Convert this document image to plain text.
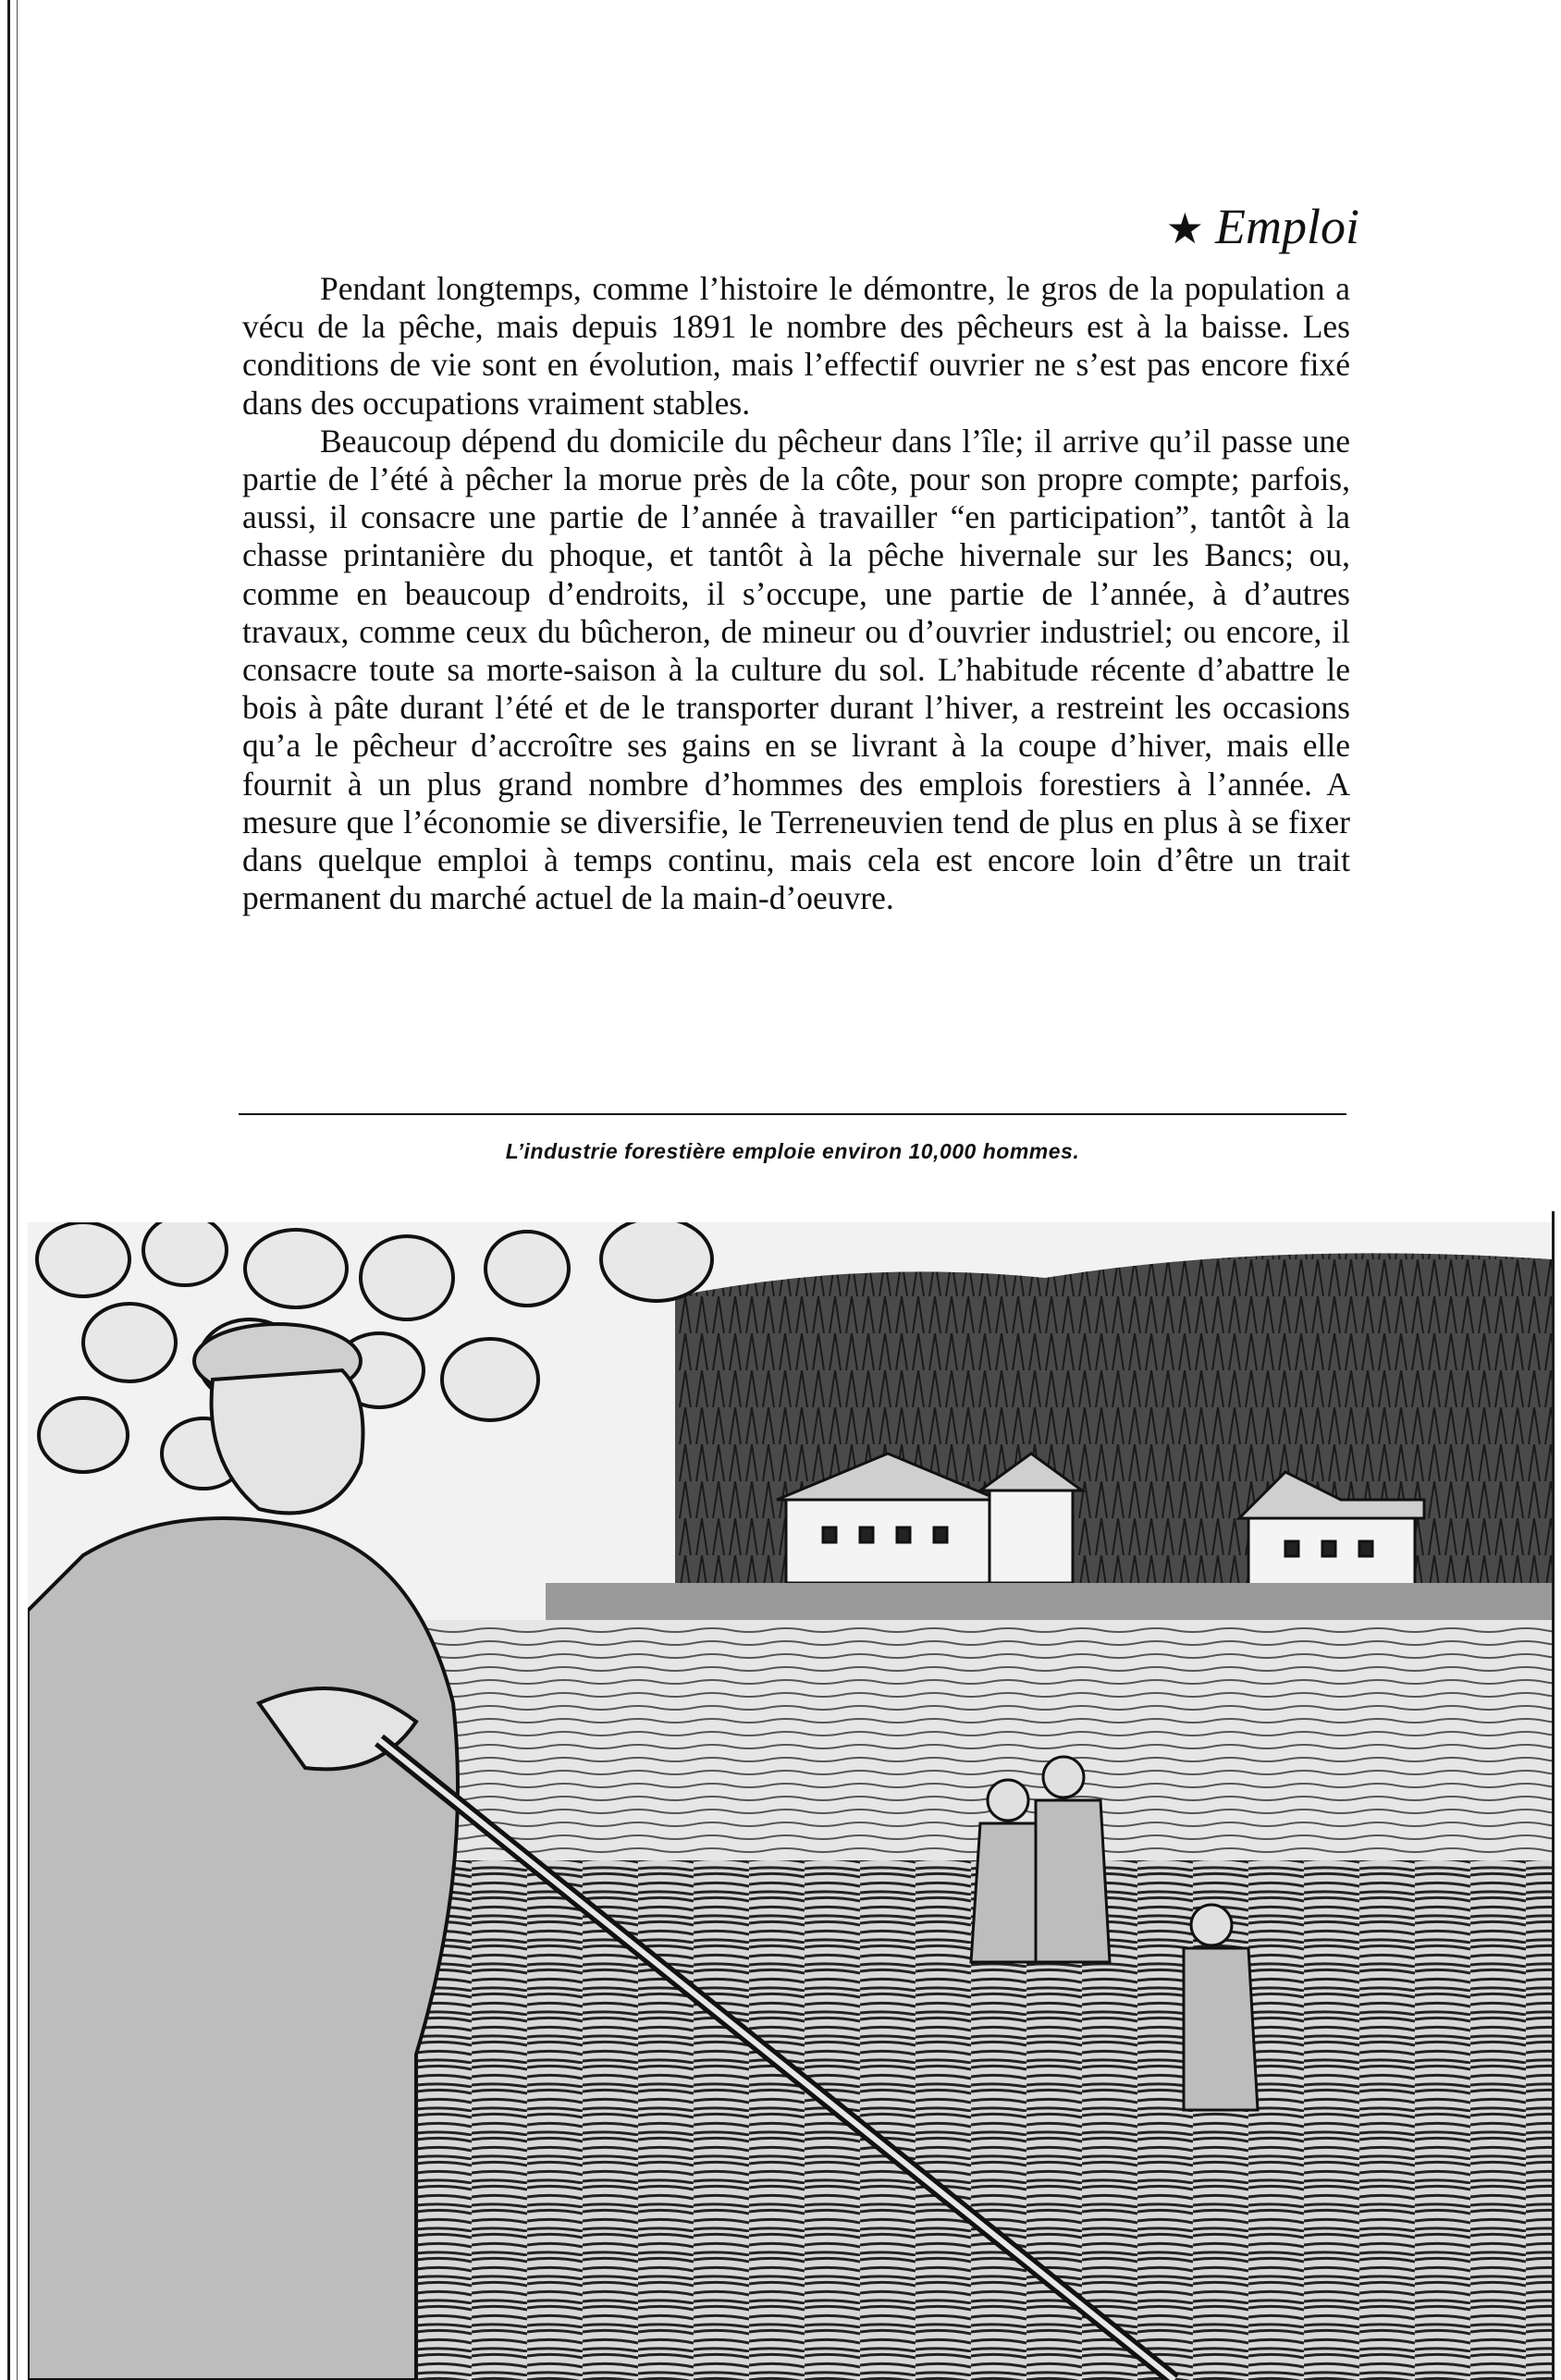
★ Emploi

Pendant longtemps, comme l’histoire le démontre, le gros de la population a vécu de la pêche, mais depuis 1891 le nombre des pêcheurs est à la baisse. Les conditions de vie sont en évolution, mais l’effectif ouvrier ne s’est pas encore fixé dans des occupations vraiment stables.

Beaucoup dépend du domicile du pêcheur dans l’île; il arrive qu’il passe une partie de l’été à pêcher la morue près de la côte, pour son propre compte; parfois, aussi, il consacre une partie de l’année à travailler “en participation”, tantôt à la chasse printanière du phoque, et tantôt à la pêche hivernale sur les Bancs; ou, comme en beaucoup d’endroits, il s’occupe, une partie de l’année, à d’autres travaux, comme ceux du bûcheron, de mineur ou d’ouvrier industriel; ou encore, il consacre toute sa morte-saison à la culture du sol. L’habitude récente d’abattre le bois à pâte durant l’été et de le transporter durant l’hiver, a restreint les occasions qu’a le pêcheur d’accroître ses gains en se livrant à la coupe d’hiver, mais elle fournit à un plus grand nombre d’hommes des emplois forestiers à l’année. A mesure que l’économie se diversifie, le Terreneuvien tend de plus en plus à se fixer dans quelque emploi à temps continu, mais cela est encore loin d’être un trait permanent du marché actuel de la main-d’oeuvre.

L’industrie forestière emploie environ 10,000 hommes.
